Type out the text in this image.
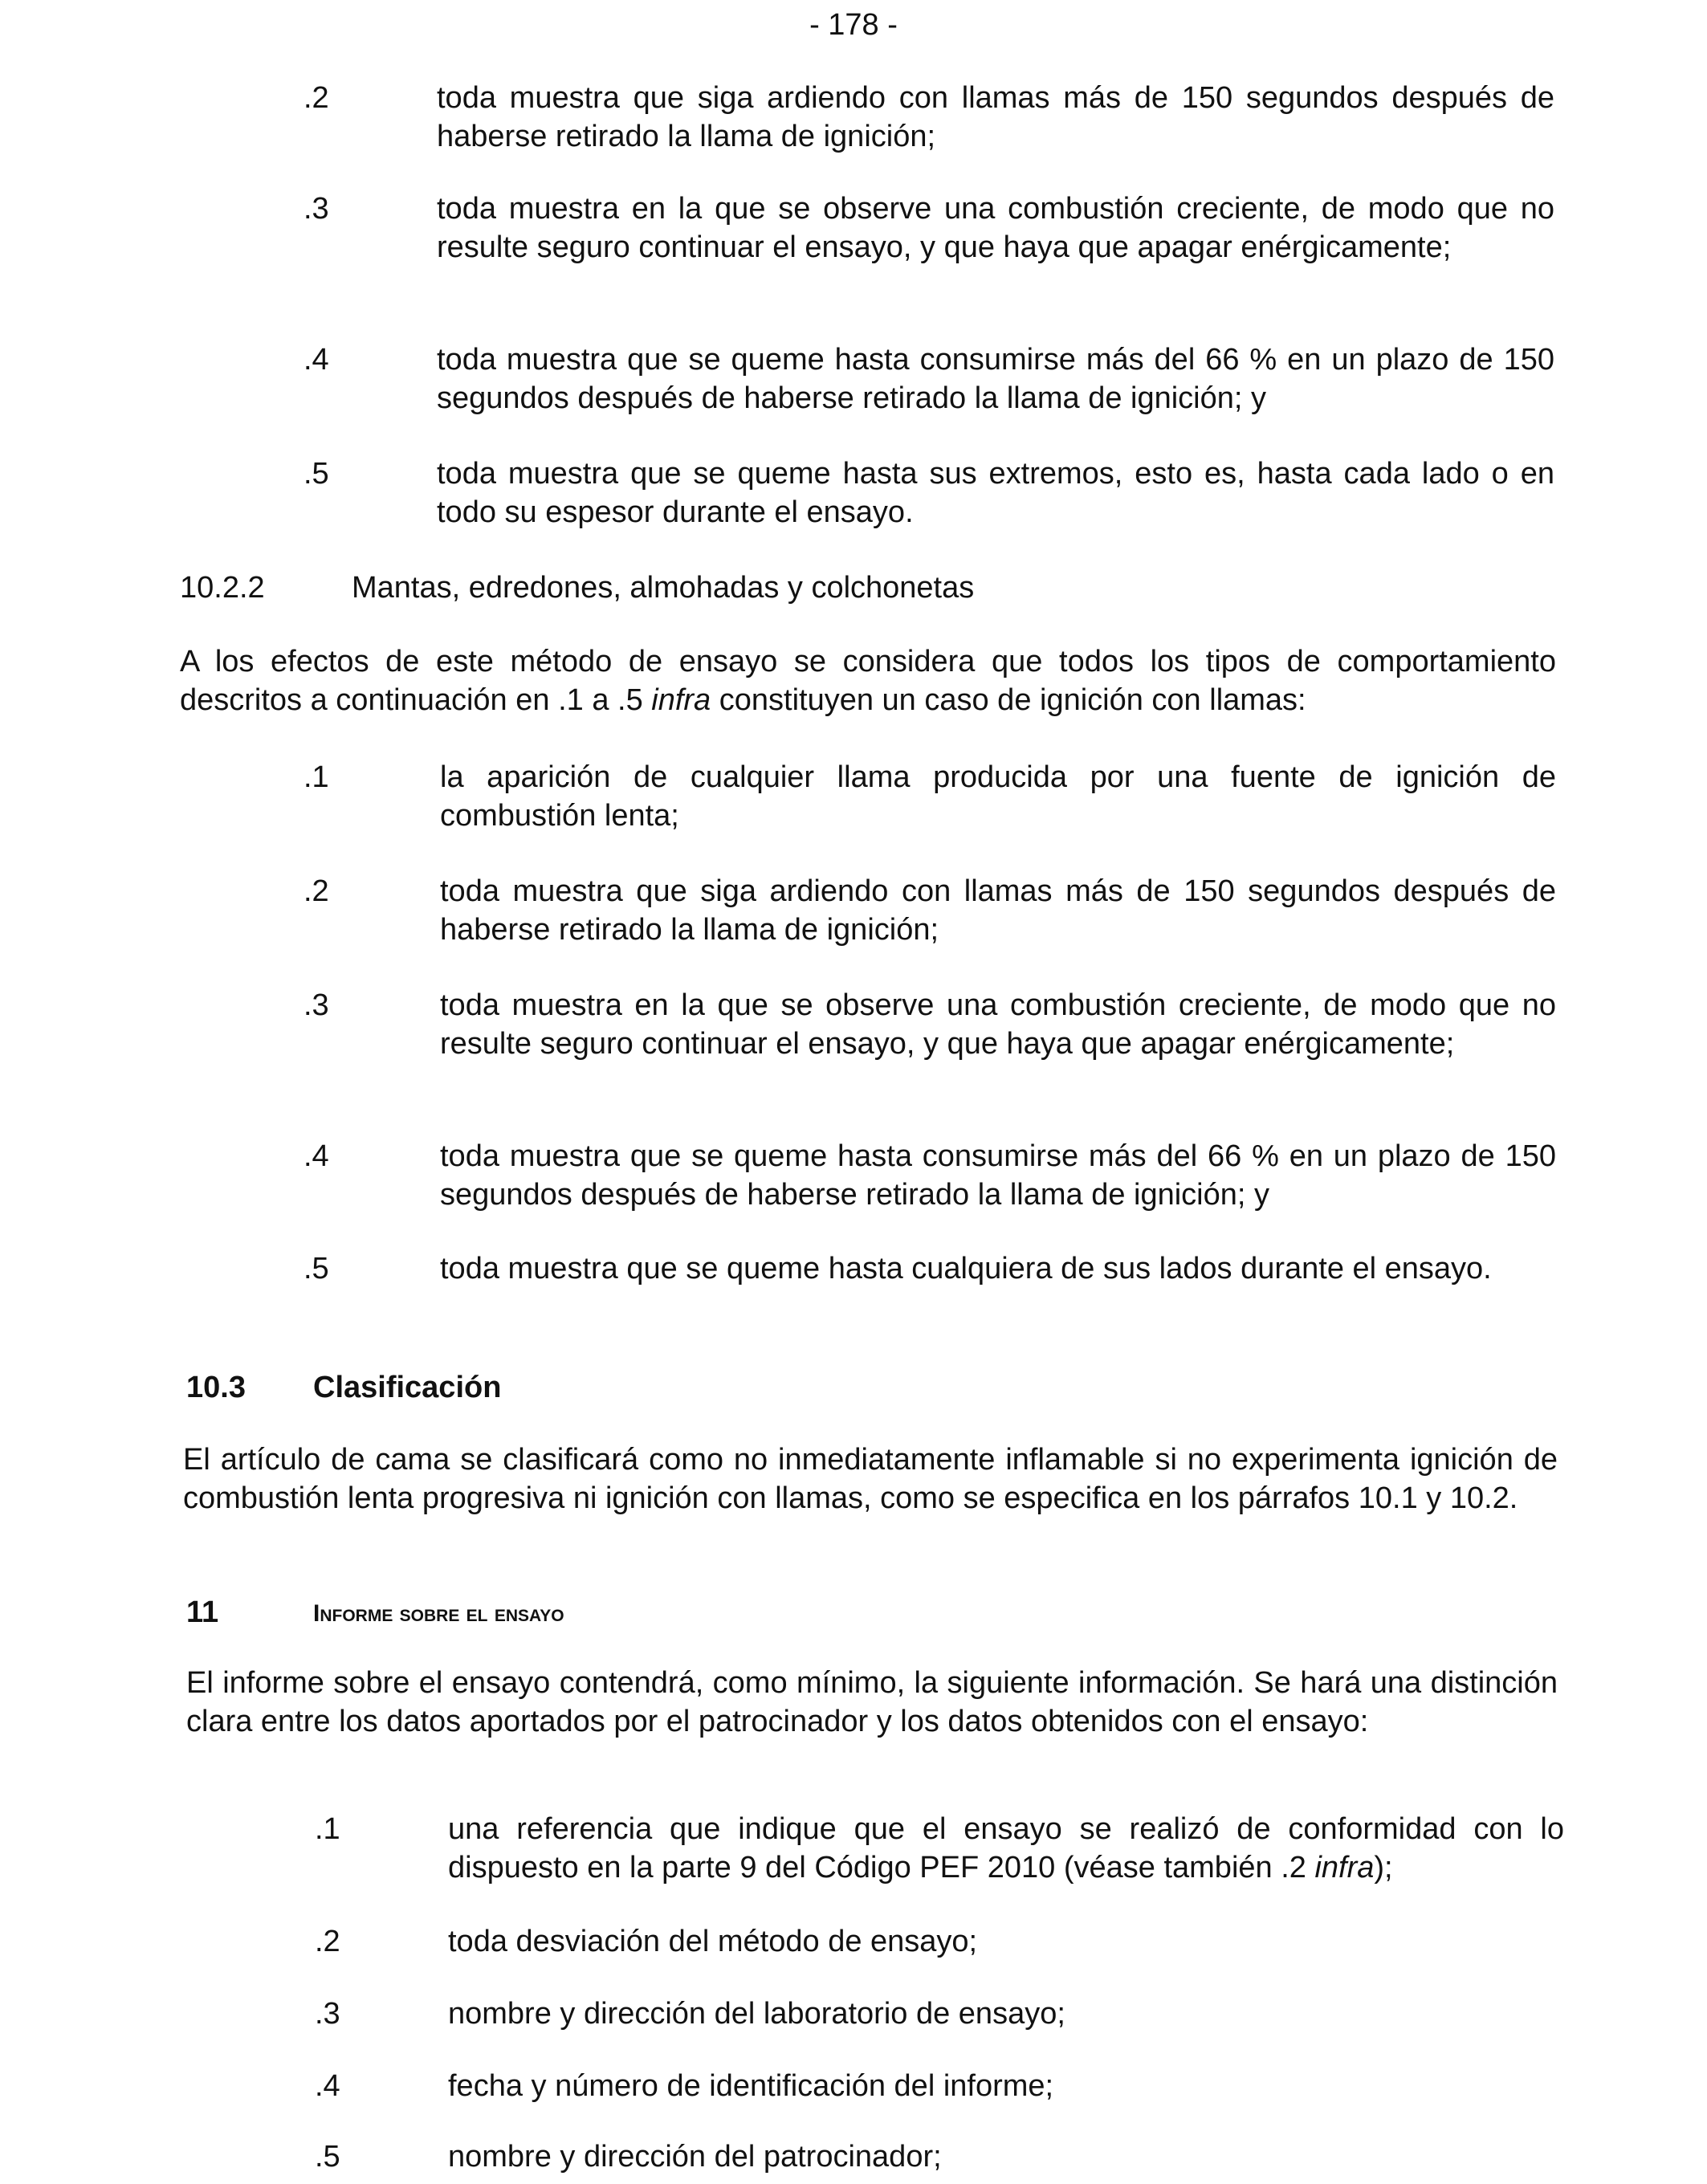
- 178 -
.2	toda muestra que siga ardiendo con llamas más de 150 segundos después de haberse retirado la llama de ignición;
.3	toda muestra en la que se observe una combustión creciente, de modo que no resulte seguro continuar el ensayo, y que haya que apagar enérgicamente;
.4	toda muestra que se queme hasta consumirse más del 66 % en un plazo de 150 segundos después de haberse retirado la llama de ignición; y
.5	toda muestra que se queme hasta sus extremos, esto es, hasta cada lado o en todo su espesor durante el ensayo.
10.2.2	Mantas, edredones, almohadas y colchonetas
A los efectos de este método de ensayo se considera que todos los tipos de comportamiento descritos a continuación en .1 a .5 infra constituyen un caso de ignición con llamas:
.1	la aparición de cualquier llama producida por una fuente de ignición de combustión lenta;
.2	toda muestra que siga ardiendo con llamas más de 150 segundos después de haberse retirado la llama de ignición;
.3	toda muestra en la que se observe una combustión creciente, de modo que no resulte seguro continuar el ensayo, y que haya que apagar enérgicamente;
.4	toda muestra que se queme hasta consumirse más del 66 % en un plazo de 150 segundos después de haberse retirado la llama de ignición; y
.5	toda muestra que se queme hasta cualquiera de sus lados durante el ensayo.
10.3 Clasificación
El artículo de cama se clasificará como no inmediatamente inflamable si no experimenta ignición de combustión lenta progresiva ni ignición con llamas, como se especifica en los párrafos 10.1 y 10.2.
11	Informe sobre el ensayo
El informe sobre el ensayo contendrá, como mínimo, la siguiente información. Se hará una distinción clara entre los datos aportados por el patrocinador y los datos obtenidos con el ensayo:
.1	una referencia que indique que el ensayo se realizó de conformidad con lo dispuesto en la parte 9 del Código PEF 2010 (véase también .2 infra);
.2	toda desviación del método de ensayo;
.3	nombre y dirección del laboratorio de ensayo;
.4	fecha y número de identificación del informe;
.5	nombre y dirección del patrocinador;
